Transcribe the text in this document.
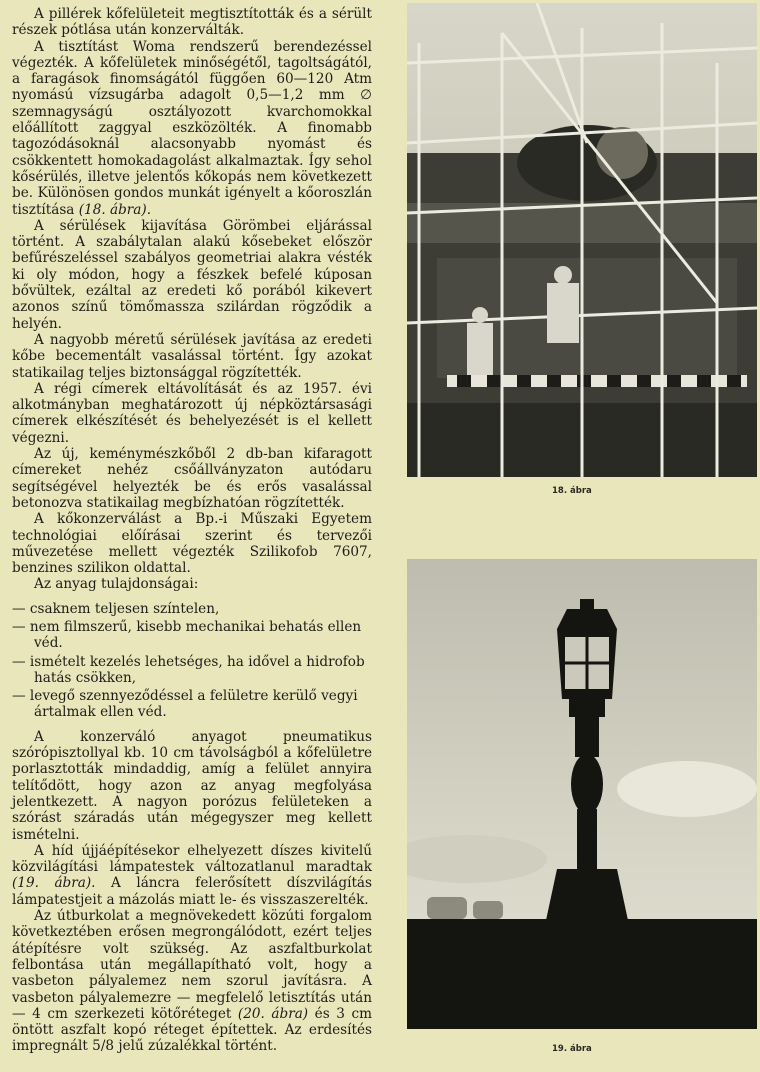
A pillérek kőfelületeit megtisztították és a sérült részek pótlása után konzerválták.

A tisztítást Woma rendszerű berendezéssel végezték. A kőfelületek minőségétől, tagoltságától, a faragások finomságától függően 60—120 Atm nyomású vízsugárba adagolt 0,5—1,2 mm ∅ szemnagyságú osztályozott kvarchomokkal előállított zaggyal eszközölték. A finomabb tagozódásoknál alacsonyabb nyomást és csökkentett homokadagolást alkalmaztak. Így sehol kősérülés, illetve jelentős kőkopás nem következett be. Különösen gondos munkát igényelt a kőoroszlán tisztítása (18. ábra).

A sérülések kijavítása Görömbei eljárással történt. A szabálytalan alakú kősebeket először befűrészeléssel szabályos geometriai alakra vésték ki oly módon, hogy a fészkek befelé kúposan bővültek, ezáltal az eredeti kő porából kikevert azonos színű tömőmassza szilárdan rögződik a helyén.

A nagyobb méretű sérülések javítása az eredeti kőbe becementált vasalással történt. Így azokat statikailag teljes biztonsággal rögzítették.

A régi címerek eltávolítását és az 1957. évi alkotmányban meghatározott új népköztársasági címerek elkészítését és behelyezését is el kellett végezni.

Az új, keménymészkőből 2 db-ban kifaragott címereket nehéz csőállványzaton autódaru segítségével helyezték be és erős vasalással betonozva statikailag megbízhatóan rögzítették.

A kőkonzerválást a Bp.-i Műszaki Egyetem technológiai előírásai szerint és tervezői művezetése mellett végezték Szilikofob 7607, benzines szilikon oldattal.

Az anyag tulajdonságai:

— csaknem teljesen színtelen,
— nem filmszerű, kisebb mechanikai behatás ellen véd.
— ismételt kezelés lehetséges, ha idővel a hidrofob hatás csökken,
— levegő szennyeződéssel a felületre kerülő vegyi ártalmak ellen véd.

A konzerváló anyagot pneumatikus szórópisztollyal kb. 10 cm távolságból a kőfelületre porlasztották mindaddig, amíg a felület annyira telítődött, hogy azon az anyag megfolyása jelentkezett. A nagyon porózus felületeken a szórást száradás után mégegyszer meg kellett ismételni.

A híd újjáépítésekor elhelyezett díszes kivitelű közvilágítási lámpatestek változatlanul maradtak (19. ábra). A láncra felerősített díszvilágítás lámpatestjeit a mázolás miatt le- és visszaszerelték.

Az útburkolat a megnövekedett közúti forgalom következtében erősen megrongálódott, ezért teljes átépítésre volt szükség. Az aszfaltburkolat felbontása után megállapítható volt, hogy a vasbeton pályalemez nem szorul javításra. A vasbeton pályalemezre — megfelelő letisztítás után — 4 cm szerkezeti kötőréteget (20. ábra) és 3 cm öntött aszfalt kopó réteget építettek. Az erdesítés impregnált 5/8 jelű zúzalékkal történt.

18. ábra
19. ábra
